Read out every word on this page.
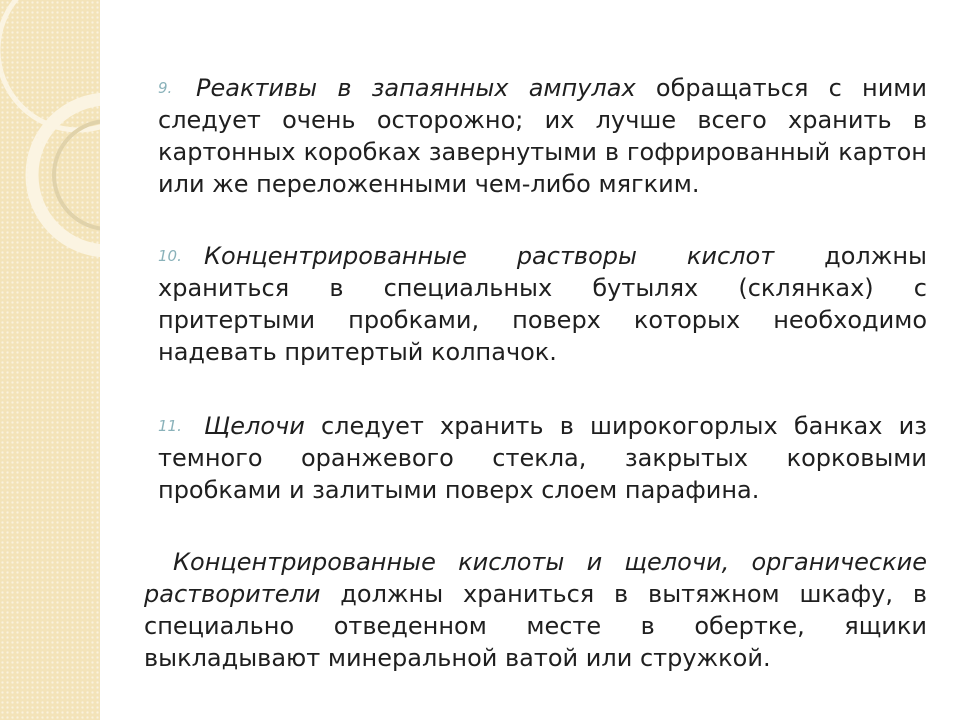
9. Реактивы в запаянных ампулах обращаться с ними следует очень осторожно; их лучше всего хранить в картонных коробках завернутыми в гофрированный картон или же переложенными чем-либо мягким.
10. Концентрированные растворы кислот должны храниться в специальных бутылях (склянках) с притертыми пробками, поверх которых необходимо надевать притертый колпачок.
11. Щелочи следует хранить в широкогорлых банках из темного оранжевого стекла, закрытых корковыми пробками и залитыми поверх слоем парафина.
Концентрированные кислоты и щелочи, органические растворители должны храниться в вытяжном шкафу, в специально отведенном месте в обертке, ящики выкладывают минеральной ватой или стружкой.
